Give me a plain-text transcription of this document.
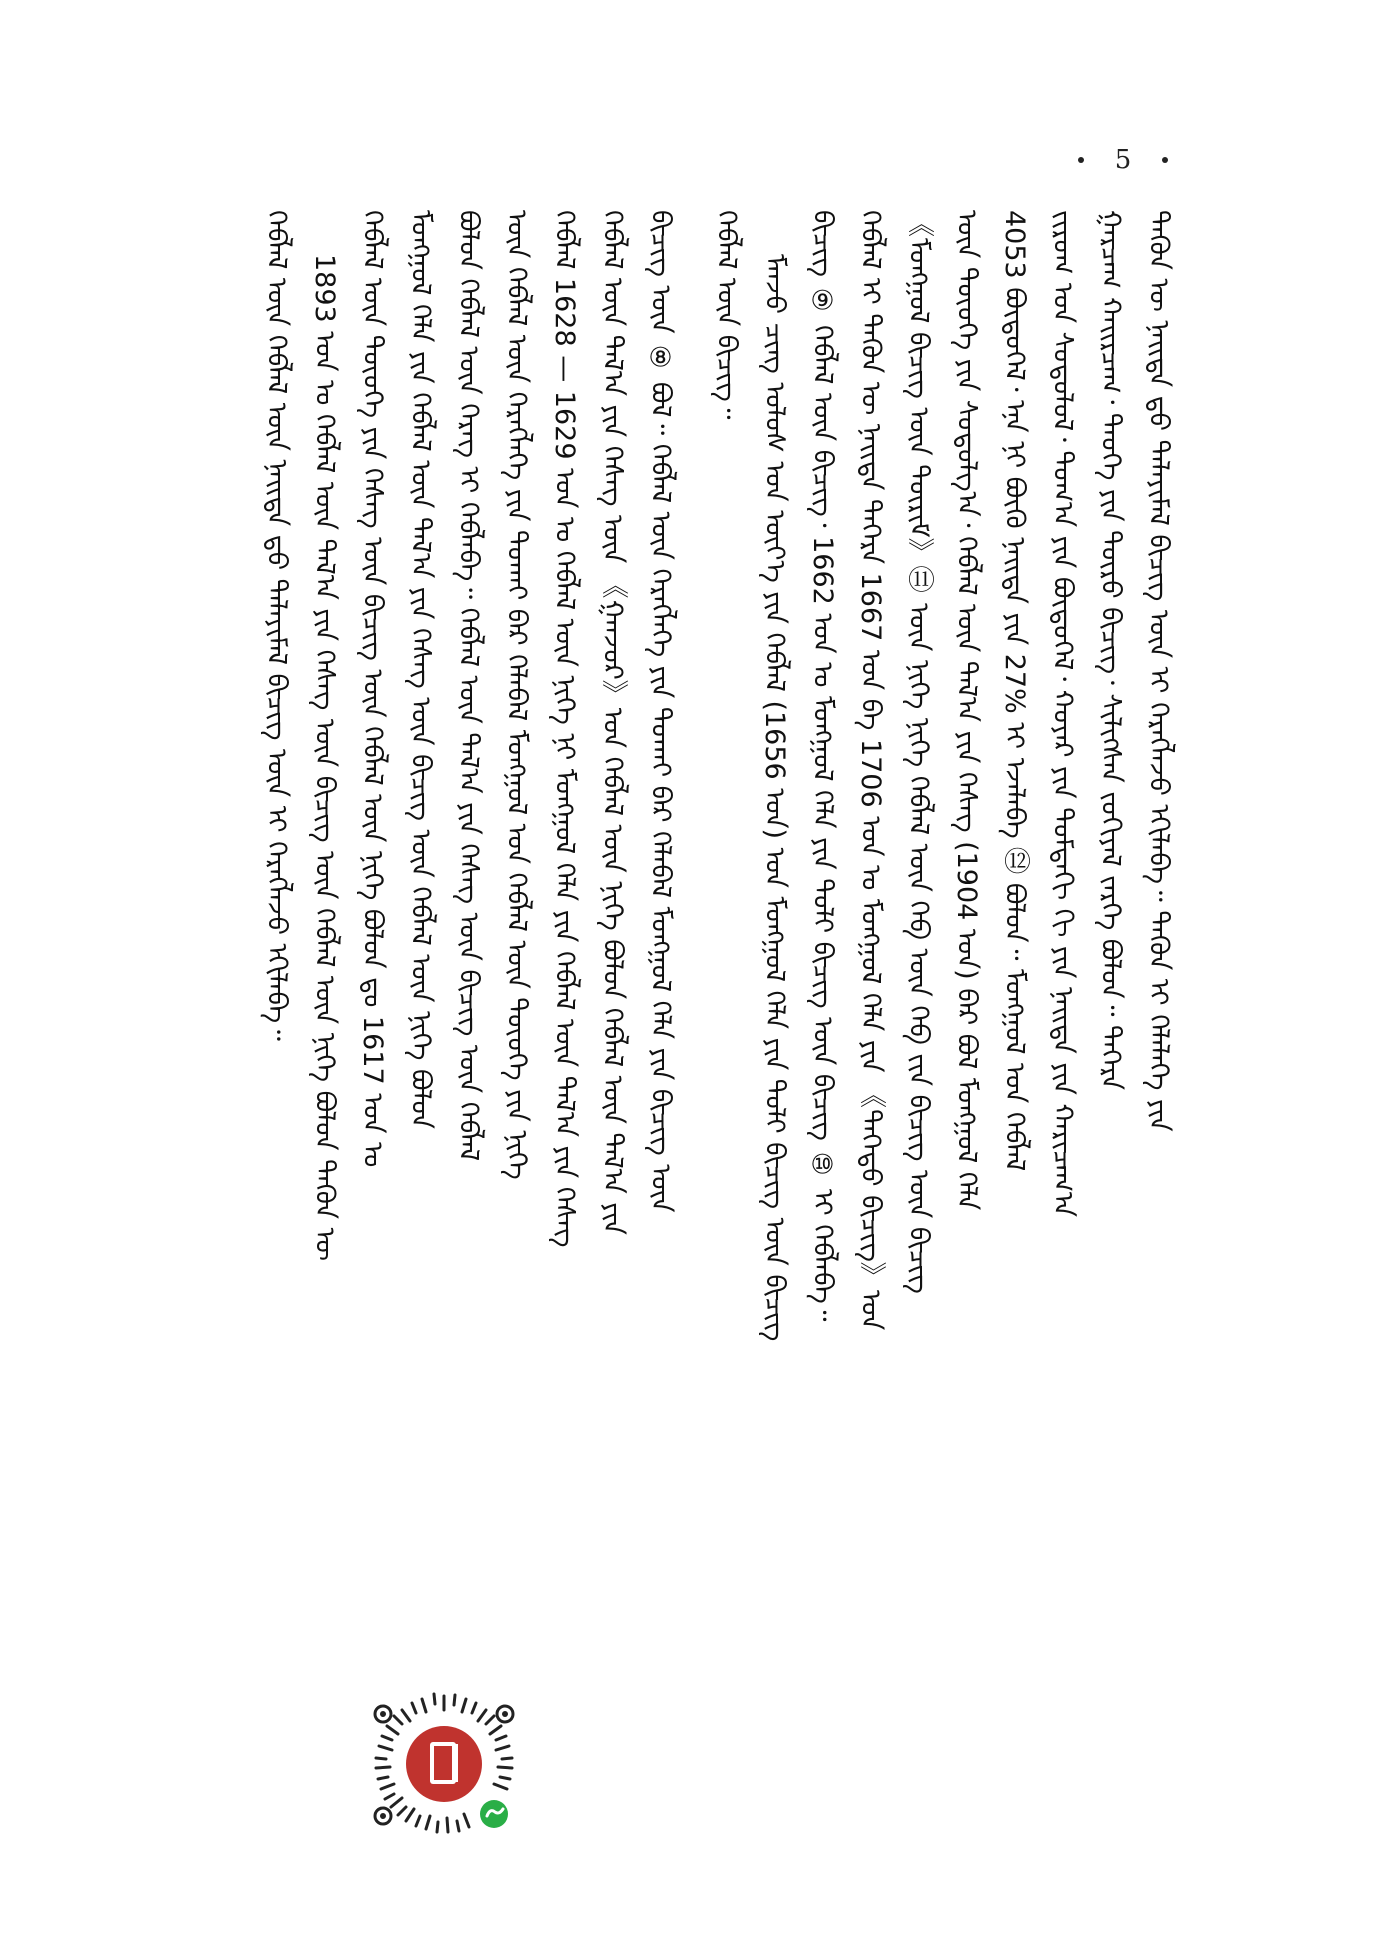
5
ᠲᠡᠭᠦᠨ ᠦ ᠨᠡᠢᠲᠡ ᠳ᠋ᠦ ᠳᠠᠯᠠᠶᠢᠮᠠᠯ ᠪᠢᠴᠢᠭ ᠦᠨ ᠢ ᠬᠡᠷᠡᠭᠯᠡᠵᠦ ᠡᠬᠢᠯᠡᠪᠡ᠃ ᠲᠡᠭᠦᠨ ᠢ ᠬᠡᠯᠡᠯᠡᠭᠡ ᠶᠢᠨ
ᠭᠠᠷᠴᠠᠭ ᠬᠠᠢᠷᠴᠠᠭ᠂ ᠲᠡᠦᠬᠡ ᠶᠢᠨ ᠲᠦᠷᠦ ᠪᠢᠴᠢᠭ᠂ ᠰᠢᠯᠢᠭᠰᠡᠨ ᠵᠣᠬᠢᠶᠠᠯ ᠵᠡᠷᠭᠡ ᠪᠣᠯᠤᠨ᠃ ᠳᠡᠭᠡᠷᠡ
ᠵᠢᠷᠤᠭ ᠤᠨ ᠰᠤᠳᠤᠯᠤᠯ᠂ ᠲᠣᠭ᠎ᠠ ᠶᠢᠨ ᠪᠦᠲᠦᠭᠡᠯ᠂ ᠬᠣᠶᠠᠷ ᠶᠢᠨ ᠳᠤᠮᠳᠠᠬᠢ ᠬᠢ ᠶᠢᠨ ᠨᠡᠢᠲᠡ ᠶᠢᠨ ᠬᠠᠷᠢᠴᠠᠭ᠎ᠠ
4053 ᠪᠦᠲᠦᠭᠡᠯ᠂ ᠡᠨᠡ ᠨᠢ ᠪᠦᠬᠦ ᠨᠡᠢᠲᠡ ᠶᠢᠨ 27% ᠢ ᠡᠵᠡᠯᠡᠪᠡ ⑫ ᠪᠣᠯᠤᠨ᠃ ᠮᠣᠩᠭᠣᠯ ᠤᠨ ᠬᠡᠪᠯᠡᠯ
ᠦᠨ ᠲᠦᠦᠬᠡ ᠶᠢᠨ ᠰᠤᠳᠤᠯᠭ᠎ᠠ᠂ ᠬᠡᠪᠯᠡᠯ ᠦᠨ ᠲᠠᠯ᠎ᠠ ᠶᠢᠨ ᠬᠡᠰᠡᠭ (1904 ᠣᠨ) ᠪᠡᠷ ᠪᠣᠯ ᠮᠣᠩᠭᠣᠯ ᠬᠡᠯᠡ
《ᠮᠣᠩᠭᠣᠯ ᠪᠢᠴᠢᠭ ᠦᠨ ᠳᠦᠷᠢᠮ》⑪ ᠦᠨ ᠨᠢᠭᠡ ᠨᠢᠭᠡ ᠬᠡᠪᠯᠡᠯ ᠦᠨ ᠬᠡᠪ ᠦᠨ ᠬᠡᠪ ᠵᠢᠨ ᠪᠢᠴᠢᠭ ᠦᠨ ᠪᠢᠴᠢᠭ
ᠬᠡᠪᠯᠡᠯ ᠢ ᠲᠡᠭᠦᠨ ᠦ ᠨᠡᠢᠲᠡ ᠳᠡᠭᠡᠷᠡ 1667 ᠣᠨ ᠪᠠ 1706 ᠣᠨ ᠤ ᠮᠣᠩᠭᠣᠯ ᠬᠡᠯᠡ ᠶᠢᠨ 《ᠳᠡᠭᠡᠳᠦ ᠪᠢᠴᠢᠭ》ᠤᠨ
ᠪᠢᠴᠢᠭ ⑨ ᠬᠡᠪᠯᠡᠯ ᠦᠨ ᠪᠢᠴᠢᠭ᠂ 1662 ᠣᠨ ᠤ ᠮᠣᠩᠭᠣᠯ ᠬᠡᠯᠡ ᠶᠢᠨ ᠲᠣᠯᠢ ᠪᠢᠴᠢᠭ ᠦᠨ ᠪᠢᠴᠢᠭ ⑩ ᠢ ᠬᠡᠪᠯᠡᠪᠡ᠃
ᠮᠠᠨᠵᠤ ᠴᠢᠩ ᠤᠯᠤᠰ ᠤᠨ ᠦᠶ᠎ᠡ ᠶᠢᠨ ᠬᠡᠪᠯᠡᠯ (1656 ᠣᠨ) ᠤᠨ ᠮᠣᠩᠭᠣᠯ ᠬᠡᠯᠡ ᠶᠢᠨ ᠲᠣᠯᠢ ᠪᠢᠴᠢᠭ ᠦᠨ ᠪᠢᠴᠢᠭ
ᠬᠡᠪᠯᠡᠯ ᠦᠨ ᠪᠢᠴᠢᠭ᠃
ᠪᠢᠴᠢᠭ᠌ ᠦᠨ ⑧ ᠪᠣᠯ᠃ ᠬᠡᠪᠯᠡᠯ ᠦᠨ ᠬᠡᠷᠡᠭᠯᠡᠭᠡ ᠶᠢᠨ ᠲᠤᠬᠠᠢ ᠪᠡᠷ ᠬᠡᠯᠡᠪᠡᠯ ᠮᠣᠩᠭᠣᠯ ᠬᠡᠯᠡ ᠶᠢᠨ ᠪᠢᠴᠢᠭ ᠦᠨ
ᠬᠡᠪᠯᠡᠯ ᠦᠨ ᠲᠠᠯ᠎ᠠ ᠶᠢᠨ ᠬᠡᠰᠡᠭ ᠦᠨ 《ᠭᠠᠨᠵᠤᠷ》ᠤᠨ ᠬᠡᠪᠯᠡᠯ ᠦᠨ ᠨᠢᠭᠡ ᠪᠣᠯᠤᠨ ᠬᠡᠪᠯᠡᠯ ᠦᠨ ᠲᠠᠯ᠎ᠠ ᠶᠢᠨ
ᠬᠡᠪᠯᠡᠯ 1628 — 1629 ᠣᠨ ᠤ ᠬᠡᠪᠯᠡᠯ ᠦᠨ ᠨᠢᠭᠡ ᠨᠢ ᠮᠣᠩᠭᠣᠯ ᠬᠡᠯᠡ ᠶᠢᠨ ᠬᠡᠪᠯᠡᠯ ᠦᠨ ᠲᠠᠯ᠎ᠠ ᠶᠢᠨ ᠬᠡᠰᠡᠭ
ᠦᠨ ᠬᠡᠪᠯᠡᠯ ᠦᠨ ᠬᠡᠷᠡᠭᠯᠡᠭᠡ ᠶᠢᠨ ᠲᠤᠬᠠᠢ ᠪᠡᠷ ᠬᠡᠯᠡᠪᠡᠯ ᠮᠣᠩᠭᠣᠯ ᠤᠨ ᠬᠡᠪᠯᠡᠯ ᠦᠨ ᠲᠦᠦᠬᠡ ᠶᠢᠨ ᠨᠢᠭᠡ
ᠪᠣᠯᠤᠨ ᠬᠡᠪᠯᠡᠯ ᠦᠨ ᠬᠡᠷᠡᠭ ᠢ ᠬᠡᠪᠯᠡᠪᠡ᠃ ᠬᠡᠪᠯᠡᠯ ᠦᠨ ᠲᠠᠯ᠎ᠠ ᠶᠢᠨ ᠬᠡᠰᠡᠭ ᠦᠨ ᠪᠢᠴᠢᠭ ᠦᠨ ᠬᠡᠪᠯᠡᠯ
ᠮᠣᠩᠭᠣᠯ ᠬᠡᠯᠡ ᠶᠢᠨ ᠬᠡᠪᠯᠡᠯ ᠦᠨ ᠲᠠᠯ᠎ᠠ ᠶᠢᠨ ᠬᠡᠰᠡᠭ ᠦᠨ ᠪᠢᠴᠢᠭ ᠦᠨ ᠬᠡᠪᠯᠡᠯ ᠦᠨ ᠨᠢᠭᠡ ᠪᠣᠯᠤᠨ
ᠬᠡᠪᠯᠡᠯ ᠦᠨ ᠲᠦᠦᠬᠡ ᠶᠢᠨ ᠬᠡᠰᠡᠭ ᠦᠨ ᠪᠢᠴᠢᠭ ᠦᠨ ᠬᠡᠪᠯᠡᠯ ᠦᠨ ᠨᠢᠭᠡ ᠪᠣᠯᠤᠨ ᠳᠤ 1617 ᠣᠨ ᠤ
1893 ᠣᠨ ᠤ ᠬᠡᠪᠯᠡᠯ ᠦᠨ ᠲᠠᠯ᠎ᠠ ᠶᠢᠨ ᠬᠡᠰᠡᠭ ᠦᠨ ᠪᠢᠴᠢᠭ ᠦᠨ ᠬᠡᠪᠯᠡᠯ ᠦᠨ ᠨᠢᠭᠡ ᠪᠣᠯᠤᠨ ᠲᠡᠭᠦᠨ ᠦ
ᠬᠡᠪᠯᠡᠯ ᠦᠨ ᠬᠡᠪᠯᠡᠯ ᠦᠨ ᠨᠡᠢᠲᠡ ᠳ᠋ᠦ ᠳᠠᠯᠠᠶᠢᠮᠠᠯ ᠪᠢᠴᠢᠭ ᠦᠨ ᠢ ᠬᠡᠷᠡᠭᠯᠡᠵᠦ ᠡᠬᠢᠯᠡᠪᠡ᠃
